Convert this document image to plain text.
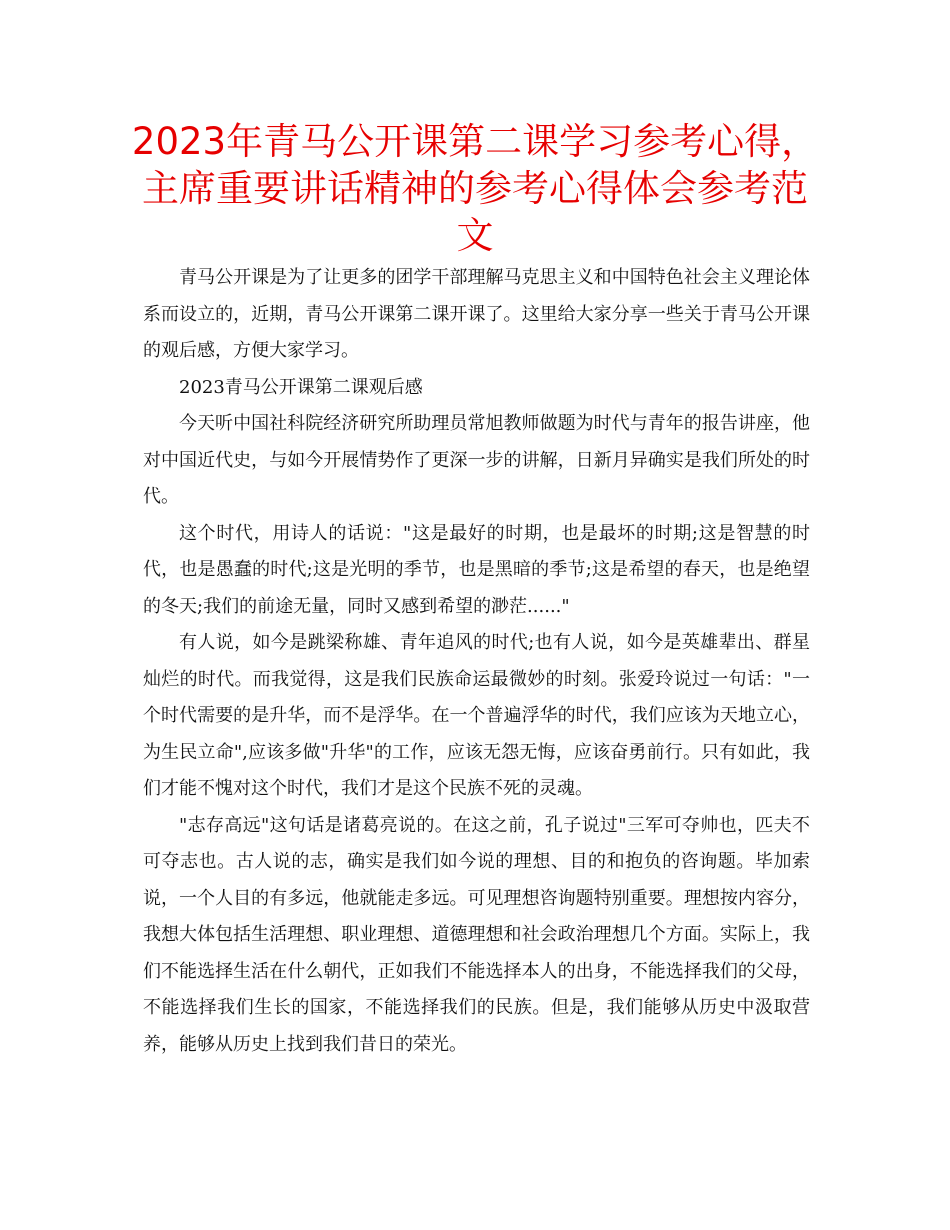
2023年青马公开课第二课学习参考心得，主席重要讲话精神的参考心得体会参考范文

青马公开课是为了让更多的团学干部理解马克思主义和中国特色社会主义理论体系而设立的，近期，青马公开课第二课开课了。这里给大家分享一些关于青马公开课的观后感，方便大家学习。

2023青马公开课第二课观后感

今天听中国社科院经济研究所助理员常旭教师做题为时代与青年的报告讲座，他对中国近代史，与如今开展情势作了更深一步的讲解，日新月异确实是我们所处的时代。

这个时代，用诗人的话说："这是最好的时期，也是最坏的时期;这是智慧的时代，也是愚蠢的时代;这是光明的季节，也是黑暗的季节;这是希望的春天，也是绝望的冬天;我们的前途无量，同时又感到希望的渺茫......"

有人说，如今是跳梁称雄、青年追风的时代;也有人说，如今是英雄辈出、群星灿烂的时代。而我觉得，这是我们民族命运最微妙的时刻。张爱玲说过一句话："一个时代需要的是升华，而不是浮华。在一个普遍浮华的时代，我们应该为天地立心，为生民立命",应该多做"升华"的工作，应该无怨无悔，应该奋勇前行。只有如此，我们才能不愧对这个时代，我们才是这个民族不死的灵魂。

"志存高远"这句话是诸葛亮说的。在这之前，孔子说过"三军可夺帅也，匹夫不可夺志也。古人说的志，确实是我们如今说的理想、目的和抱负的咨询题。毕加索说，一个人目的有多远，他就能走多远。可见理想咨询题特别重要。理想按内容分，我想大体包括生活理想、职业理想、道德理想和社会政治理想几个方面。实际上，我们不能选择生活在什么朝代，正如我们不能选择本人的出身，不能选择我们的父母，不能选择我们生长的国家，不能选择我们的民族。但是，我们能够从历史中汲取营养，能够从历史上找到我们昔日的荣光。
